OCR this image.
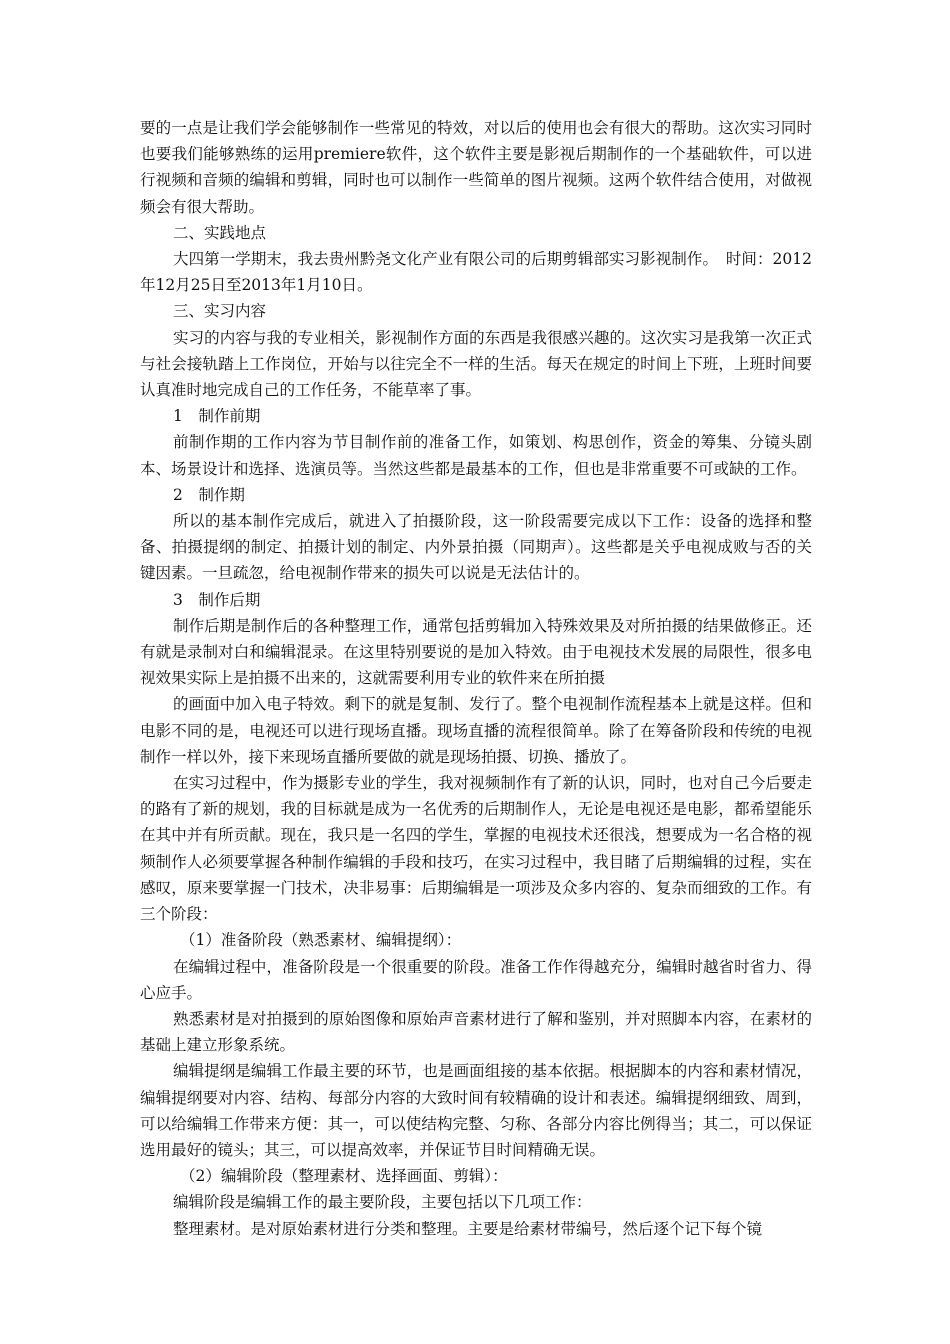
要的一点是让我们学会能够制作一些常见的特效，对以后的使用也会有很大的帮助。这次实习同时也要我们能够熟练的运用premiere软件，这个软件主要是影视后期制作的一个基础软件，可以进行视频和音频的编辑和剪辑，同时也可以制作一些简单的图片视频。这两个软件结合使用，对做视频会有很大帮助。

二、实践地点

大四第一学期末，我去贵州黔尧文化产业有限公司的后期剪辑部实习影视制作。　时间：2012年12月25日至2013年1月10日。

三、实习内容

实习的内容与我的专业相关，影视制作方面的东西是我很感兴趣的。这次实习是我第一次正式与社会接轨踏上工作岗位，开始与以往完全不一样的生活。每天在规定的时间上下班，上班时间要认真准时地完成自己的工作任务，不能草率了事。

1　制作前期

前制作期的工作内容为节目制作前的准备工作，如策划、构思创作，资金的筹集、分镜头剧本、场景设计和选择、选演员等。当然这些都是最基本的工作，但也是非常重要不可或缺的工作。

2　制作期

所以的基本制作完成后，就进入了拍摄阶段，这一阶段需要完成以下工作：设备的选择和整备、拍摄提纲的制定、拍摄计划的制定、内外景拍摄（同期声）。这些都是关乎电视成败与否的关键因素。一旦疏忽，给电视制作带来的损失可以说是无法估计的。

3　制作后期

制作后期是制作后的各种整理工作，通常包括剪辑加入特殊效果及对所拍摄的结果做修正。还有就是录制对白和编辑混录。在这里特别要说的是加入特效。由于电视技术发展的局限性，很多电视效果实际上是拍摄不出来的，这就需要利用专业的软件来在所拍摄

的画面中加入电子特效。剩下的就是复制、发行了。整个电视制作流程基本上就是这样。但和电影不同的是，电视还可以进行现场直播。现场直播的流程很简单。除了在筹备阶段和传统的电视制作一样以外，接下来现场直播所要做的就是现场拍摄、切换、播放了。

在实习过程中，作为摄影专业的学生，我对视频制作有了新的认识，同时，也对自己今后要走的路有了新的规划，我的目标就是成为一名优秀的后期制作人，无论是电视还是电影，都希望能乐在其中并有所贡献。现在，我只是一名四的学生，掌握的电视技术还很浅，想要成为一名合格的视频制作人必须要掌握各种制作编辑的手段和技巧，在实习过程中，我目睹了后期编辑的过程，实在感叹，原来要掌握一门技术，决非易事：后期编辑是一项涉及众多内容的、复杂而细致的工作。有三个阶段：

（1）准备阶段（熟悉素材、编辑提纲）：

在编辑过程中，准备阶段是一个很重要的阶段。准备工作作得越充分，编辑时越省时省力、得心应手。

熟悉素材是对拍摄到的原始图像和原始声音素材进行了解和鉴别，并对照脚本内容，在素材的基础上建立形象系统。

编辑提纲是编辑工作最主要的环节，也是画面组接的基本依据。根据脚本的内容和素材情况，编辑提纲要对内容、结构、每部分内容的大致时间有较精确的设计和表述。编辑提纲细致、周到，可以给编辑工作带来方便：其一，可以使结构完整、匀称、各部分内容比例得当；其二，可以保证选用最好的镜头；其三，可以提高效率，并保证节目时间精确无误。

（2）编辑阶段（整理素材、选择画面、剪辑）：

编辑阶段是编辑工作的最主要阶段，主要包括以下几项工作：

整理素材。是对原始素材进行分类和整理。主要是给素材带编号，然后逐个记下每个镜
